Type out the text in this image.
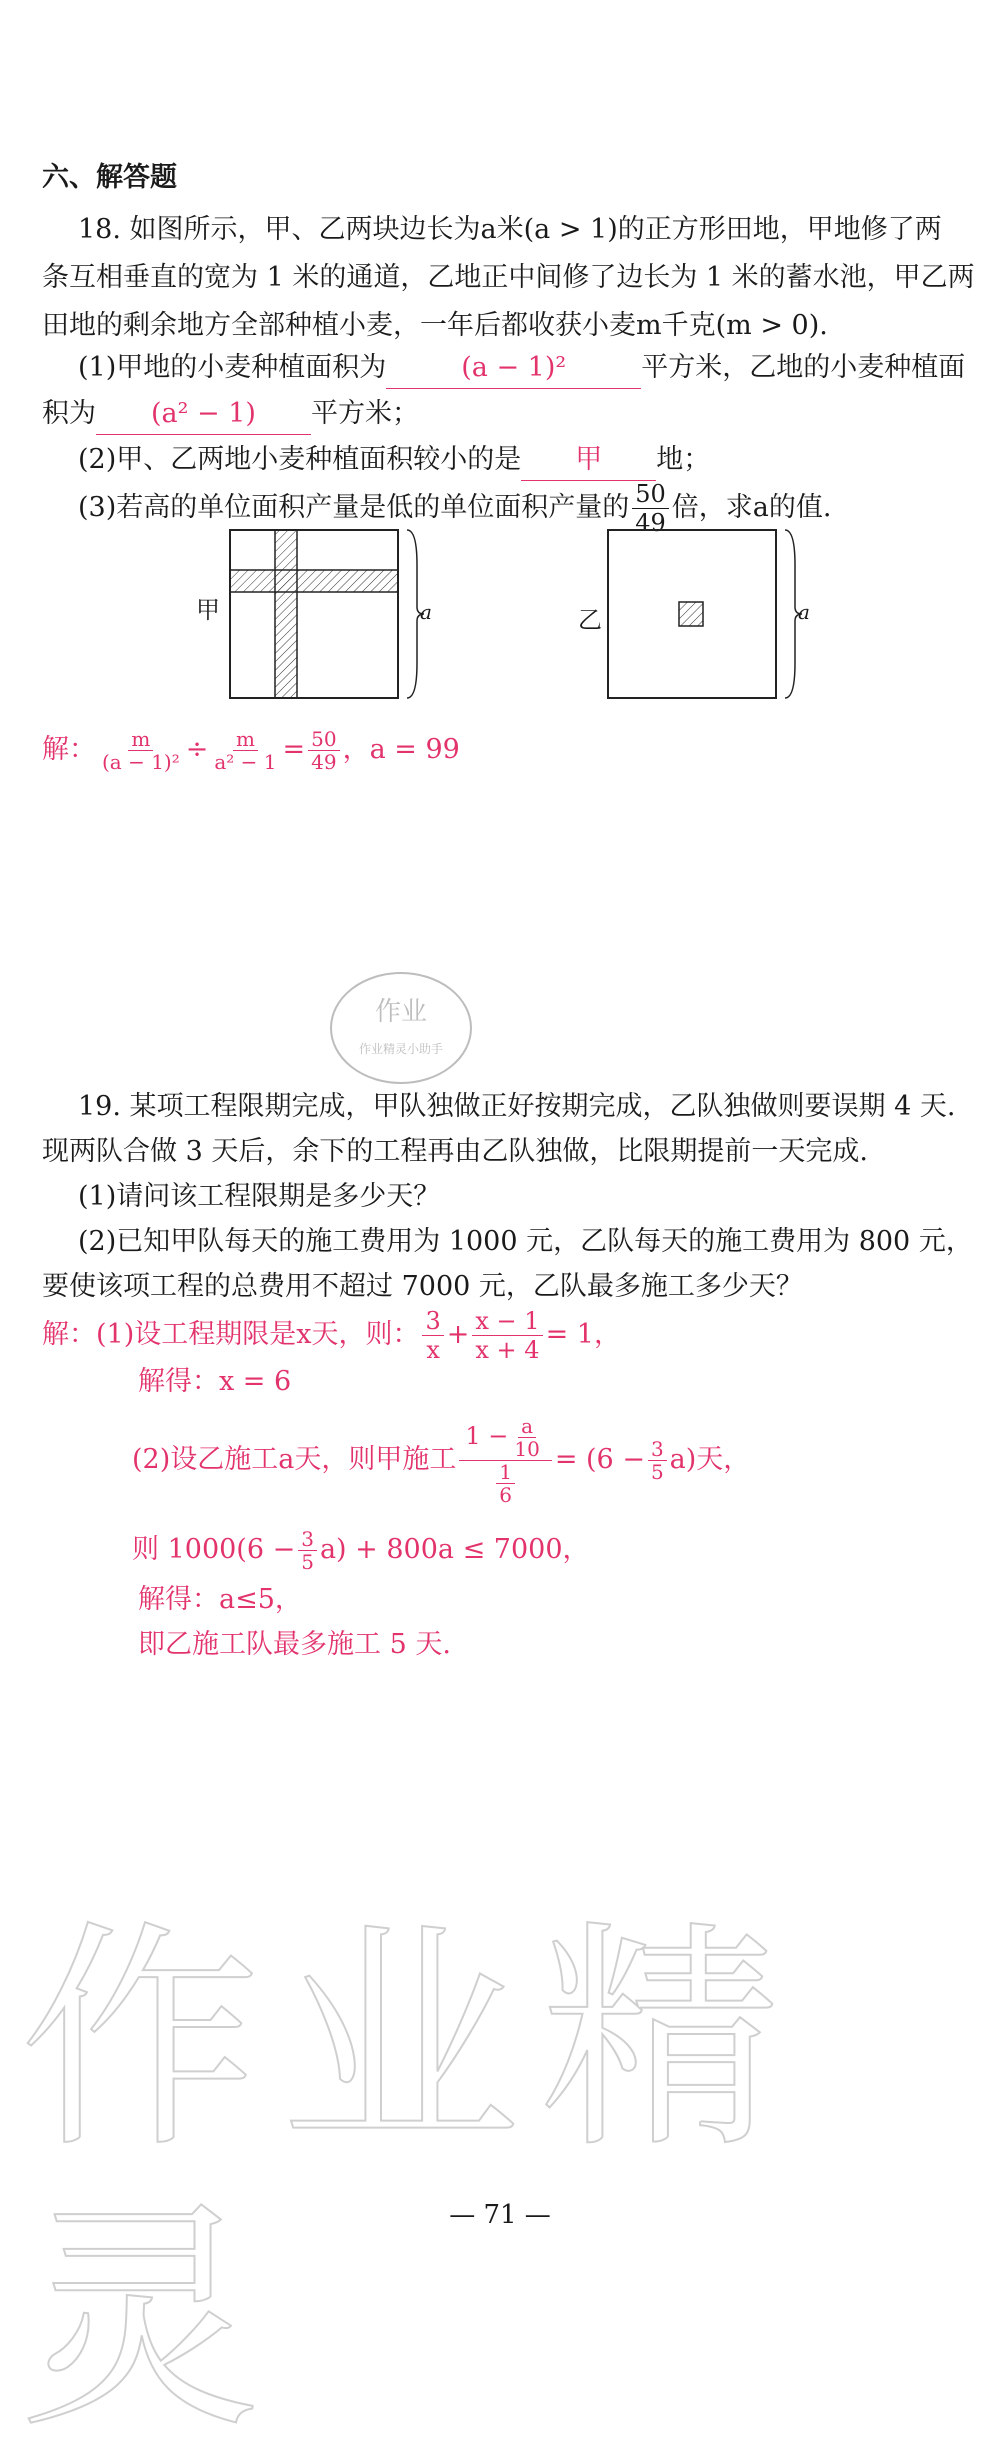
六、解答题
18. 如图所示，甲、乙两块边长为a米(a > 1)的正方形田地，甲地修了两
条互相垂直的宽为 1 米的通道，乙地正中间修了边长为 1 米的蓄水池，甲乙两
田地的剩余地方全部种植小麦，一年后都收获小麦m千克(m > 0).
(1)甲地的小麦种植面积为	(a − 1)²	平方米，乙地的小麦种植面
积为 (a² − 1) 平方米；
(2)甲、乙两地小麦种植面积较小的是 甲 地；
(3)若高的单位面积产量是低的单位面积产量的 $\frac{50}{49}$ 倍，求a的值.
甲	a	乙	a
解： $\frac{m}{\text{(a − 1)²}} \div \frac{m}{\text{a² − 1}} = \frac{50}{49}$ ，a = 99
作业
作业精灵小助手
19. 某项工程限期完成，甲队独做正好按期完成，乙队独做则要误期 4 天.
现两队合做 3 天后，余下的工程再由乙队独做，比限期提前一天完成.
(1)请问该工程限期是多少天？
(2)已知甲队每天的施工费用为 1000 元，乙队每天的施工费用为 800 元，
要使该项工程的总费用不超过 7000 元，乙队最多施工多少天？
解：(1)设工程期限是x天，则： $\frac{3}{x} + \frac{x - 1}{x + 4} = 1$，
解得：x = 6
(2)设乙施工a天，则甲施工 $\frac{1 - \frac{a}{10}}{\frac{1}{6}} = (6 - \frac{3}{5} a)$天，
则 $1000(6 - \frac{3}{5} a) + 800a \le 7000$，
解得：a≤5，
即乙施工队最多施工 5 天.
作业精灵	— 71 —
